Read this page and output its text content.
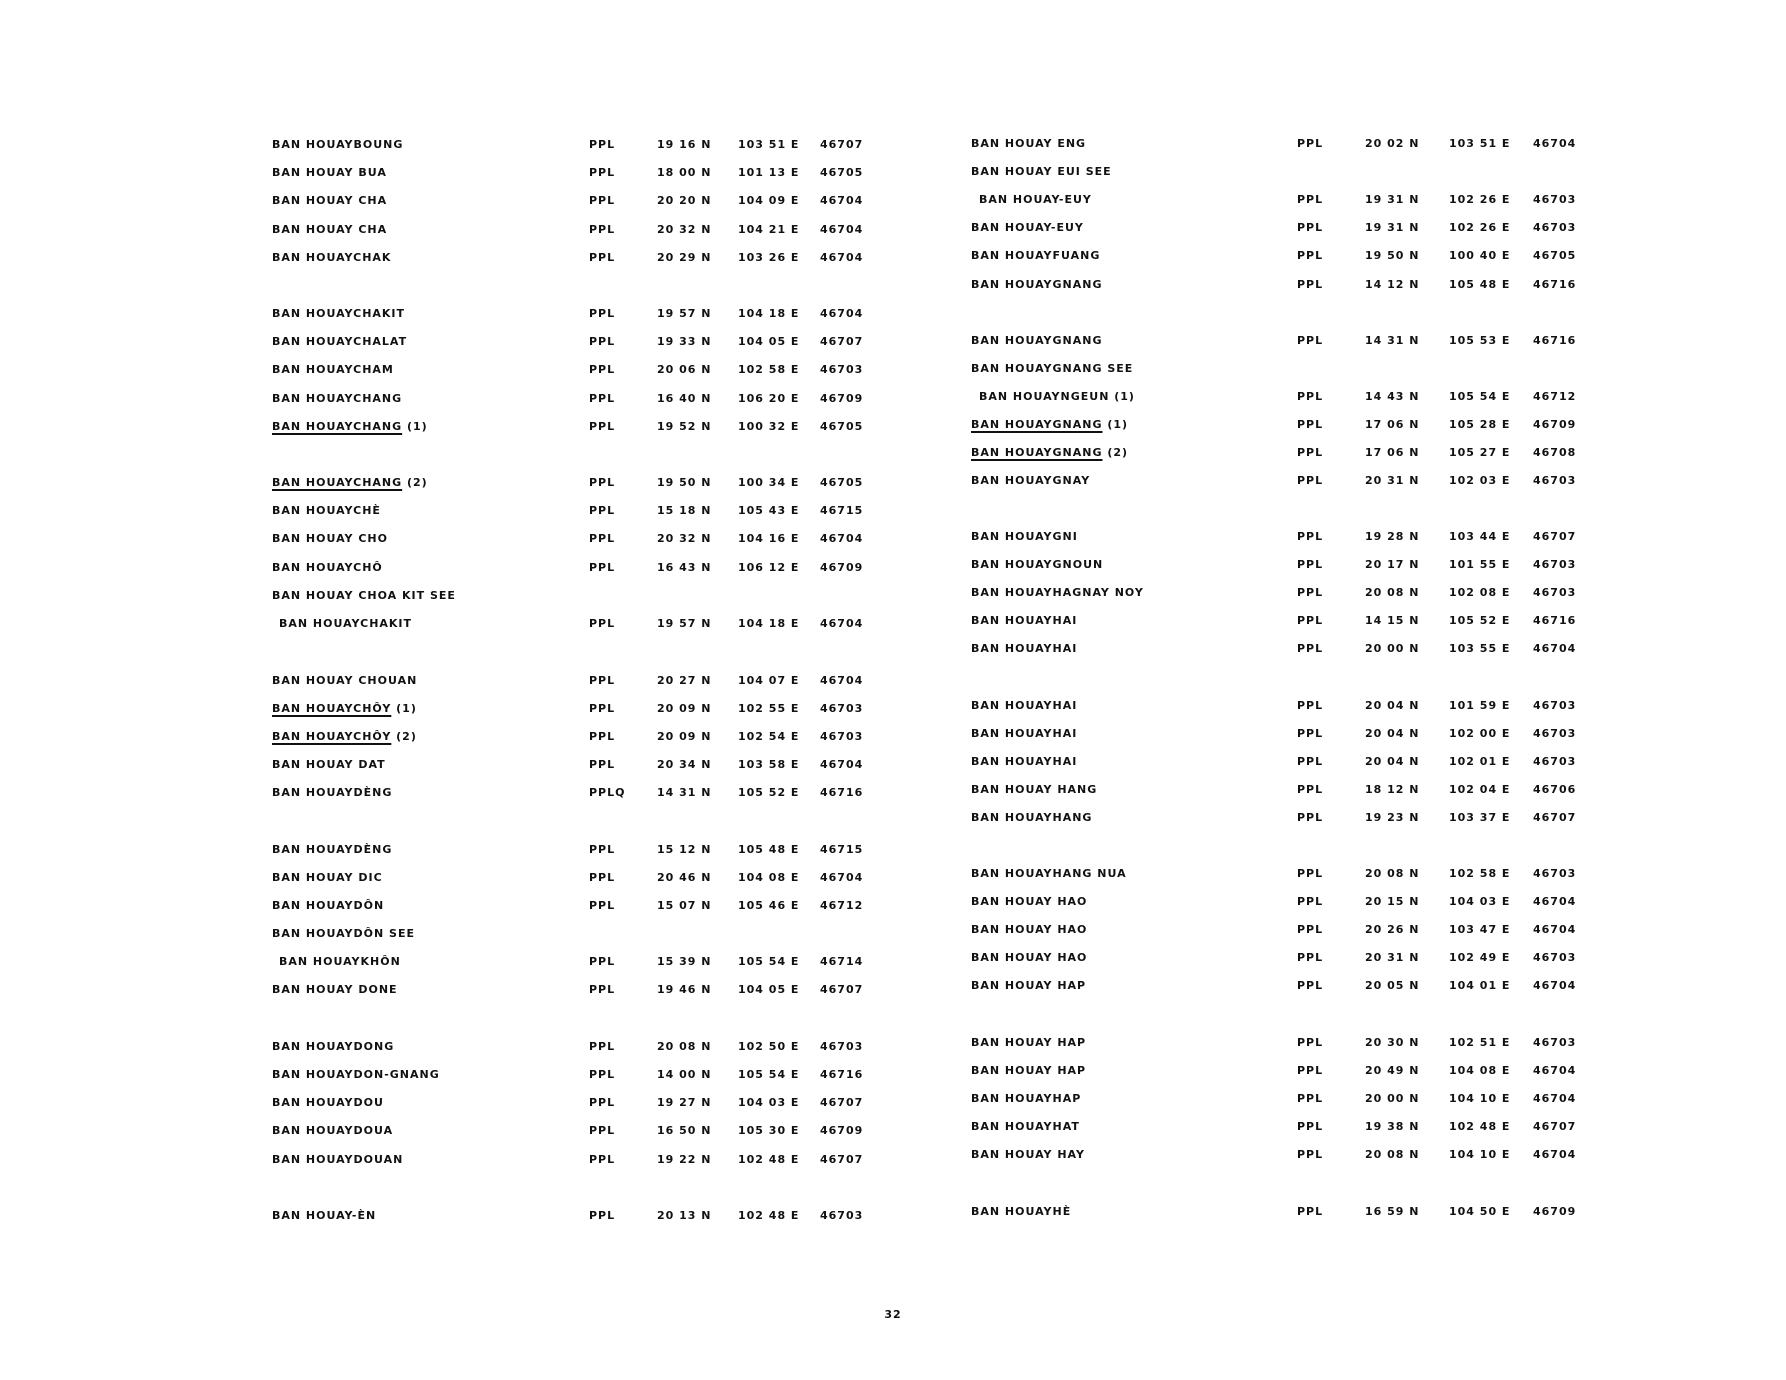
BAN HOUAYBOUNG	PPL	19 16 N 103 51 E 46707
BAN HOUAY BUA	PPL	18 00 N 101 13 E 46705
BAN HOUAY CHA	PPL	20 20 N 104 09 E 46704
BAN HOUAY CHA	PPL	20 32 N 104 21 E 46704
BAN HOUAYCHAK	PPL	20 29 N 103 26 E 46704
BAN HOUAYCHAKIT	PPL	19 57 N 104 18 E 46704
BAN HOUAYCHALAT	PPL	19 33 N 104 05 E 46707
BAN HOUAYCHAM	PPL	20 06 N 102 58 E 46703
BAN HOUAYCHANG	PPL	16 40 N 106 20 E 46709
BAN HOUAYCHANG (1)	PPL	19 52 N 100 32 E 46705
BAN HOUAYCHANG (2)	PPL	19 50 N 100 34 E 46705
BAN HOUAYCHÈ	PPL	15 18 N 105 43 E 46715
BAN HOUAY CHO	PPL	20 32 N 104 16 E 46704
BAN HOUAYCHÔ	PPL	16 43 N 106 12 E 46709
BAN HOUAY CHOA KIT SEE
BAN HOUAYCHAKIT	PPL	19 57 N 104 18 E 46704
BAN HOUAY CHOUAN	PPL	20 27 N 104 07 E 46704
BAN HOUAYCHÔY (1)	PPL	20 09 N 102 55 E 46703
BAN HOUAYCHÔY (2)	PPL	20 09 N 102 54 E 46703
BAN HOUAY DAT	PPL	20 34 N 103 58 E 46704
BAN HOUAYDÈNG	PPLQ	14 31 N 105 52 E 46716
BAN HOUAYDÈNG	PPL	15 12 N 105 48 E 46715
BAN HOUAY DIC	PPL	20 46 N 104 08 E 46704
BAN HOUAYDÔN	PPL	15 07 N 105 46 E 46712
BAN HOUAYDÔN SEE
BAN HOUAYKHÔN	PPL	15 39 N 105 54 E 46714
BAN HOUAY DONE	PPL	19 46 N 104 05 E 46707
BAN HOUAYDONG	PPL	20 08 N 102 50 E 46703
BAN HOUAYDON-GNANG	PPL	14 00 N 105 54 E 46716
BAN HOUAYDOU	PPL	19 27 N 104 03 E 46707
BAN HOUAYDOUA	PPL	16 50 N 105 30 E 46709
BAN HOUAYDOUAN	PPL	19 22 N 102 48 E 46707
BAN HOUAY-ÈN	PPL	20 13 N 102 48 E 46703
BAN HOUAY ENG	PPL	20 02 N	103 51 E 46704
BAN HOUAY EUI SEE
BAN HOUAY-EUY	PPL	19 31 N	102 26 E 46703
BAN HOUAY-EUY	PPL	19 31 N	102 26 E 46703
BAN HOUAYFUANG	PPL	19 50 N	100 40 E 46705
BAN HOUAYGNANG	PPL	14 12 N	105 48 E 46716
BAN HOUAYGNANG	PPL	14 31 N	105 53 E 46716
BAN HOUAYGNANG SEE
BAN HOUAYNGEUN (1)	PPL	14 43 N	105 54 E 46712
BAN HOUAYGNANG (1)	PPL	17 06 N	105 28 E 46709
BAN HOUAYGNANG (2)	PPL	17 06 N	105 27 E 46708
BAN HOUAYGNAY	PPL	20 31 N	102 03 E 46703
BAN HOUAYGNI	PPL	19 28 N	103 44 E 46707
BAN HOUAYGNOUN	PPL	20 17 N	101 55 E 46703
BAN HOUAYHAGNAY NOY	PPL	20 08 N	102 08 E 46703
BAN HOUAYHAI	PPL	14 15 N	105 52 E 46716
BAN HOUAYHAI	PPL	20 00 N	103 55 E 46704
BAN HOUAYHAI	PPL	20 04 N	101 59 E 46703
BAN HOUAYHAI	PPL	20 04 N	102 00 E 46703
BAN HOUAYHAI	PPL	20 04 N	102 01 E 46703
BAN HOUAY HANG	PPL	18 12 N	102 04 E 46706
BAN HOUAYHANG	PPL	19 23 N	103 37 E 46707
BAN HOUAYHANG NUA	PPL	20 08 N	102 58 E 46703
BAN HOUAY HAO	PPL	20 15 N	104 03 E 46704
BAN HOUAY HAO	PPL	20 26 N	103 47 E 46704
BAN HOUAY HAO	PPL	20 31 N	102 49 E 46703
BAN HOUAY HAP	PPL	20 05 N	104 01 E 46704
BAN HOUAY HAP	PPL	20 30 N	102 51 E 46703
BAN HOUAY HAP	PPL	20 49 N	104 08 E 46704
BAN HOUAYHAP	PPL	20 00 N	104 10 E 46704
BAN HOUAYHAT	PPL	19 38 N	102 48 E 46707
BAN HOUAY HAY	PPL	20 08 N	104 10 E 46704
BAN HOUAYHÈ	PPL	16 59 N	104 50 E 46709
32
